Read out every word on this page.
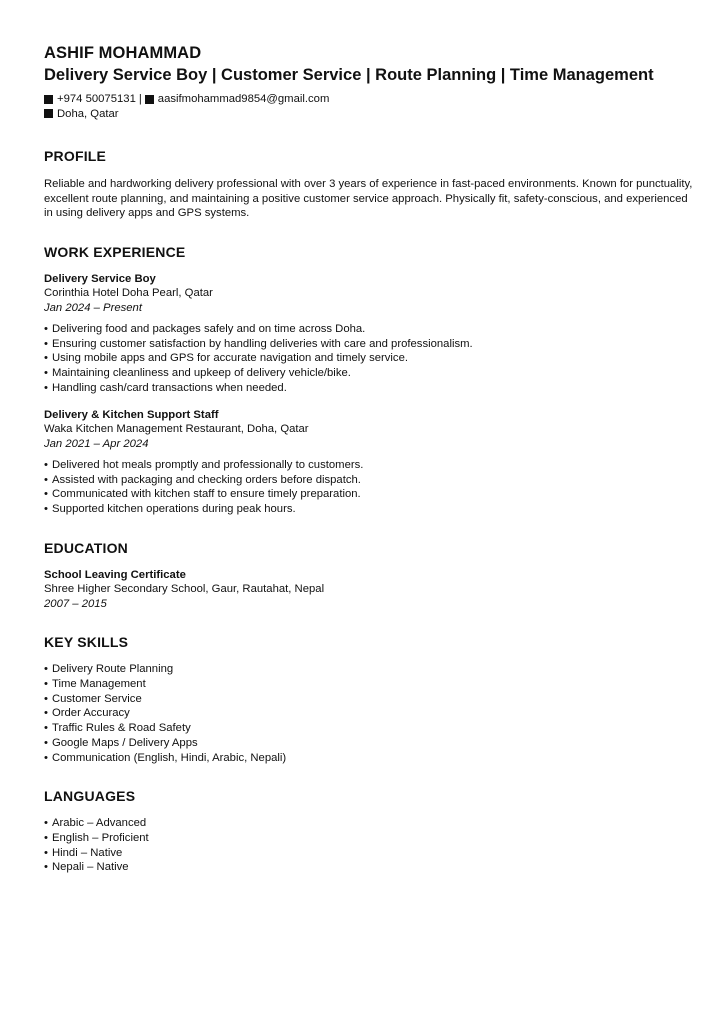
ASHIF MOHAMMAD
Delivery Service Boy | Customer Service | Route Planning | Time Management
+974 50075131 | aasifmohammad9854@gmail.com
Doha, Qatar
PROFILE
Reliable and hardworking delivery professional with over 3 years of experience in fast-paced environments. Known for punctuality, excellent route planning, and maintaining a positive customer service approach. Physically fit, safety-conscious, and experienced in using delivery apps and GPS systems.
WORK EXPERIENCE
Delivery Service Boy
Corinthia Hotel Doha Pearl, Qatar
Jan 2024 – Present
• Delivering food and packages safely and on time across Doha.
• Ensuring customer satisfaction by handling deliveries with care and professionalism.
• Using mobile apps and GPS for accurate navigation and timely service.
• Maintaining cleanliness and upkeep of delivery vehicle/bike.
• Handling cash/card transactions when needed.
Delivery & Kitchen Support Staff
Waka Kitchen Management Restaurant, Doha, Qatar
Jan 2021 – Apr 2024
• Delivered hot meals promptly and professionally to customers.
• Assisted with packaging and checking orders before dispatch.
• Communicated with kitchen staff to ensure timely preparation.
• Supported kitchen operations during peak hours.
EDUCATION
School Leaving Certificate
Shree Higher Secondary School, Gaur, Rautahat, Nepal
2007 – 2015
KEY SKILLS
• Delivery Route Planning
• Time Management
• Customer Service
• Order Accuracy
• Traffic Rules & Road Safety
• Google Maps / Delivery Apps
• Communication (English, Hindi, Arabic, Nepali)
LANGUAGES
• Arabic – Advanced
• English – Proficient
• Hindi – Native
• Nepali – Native
